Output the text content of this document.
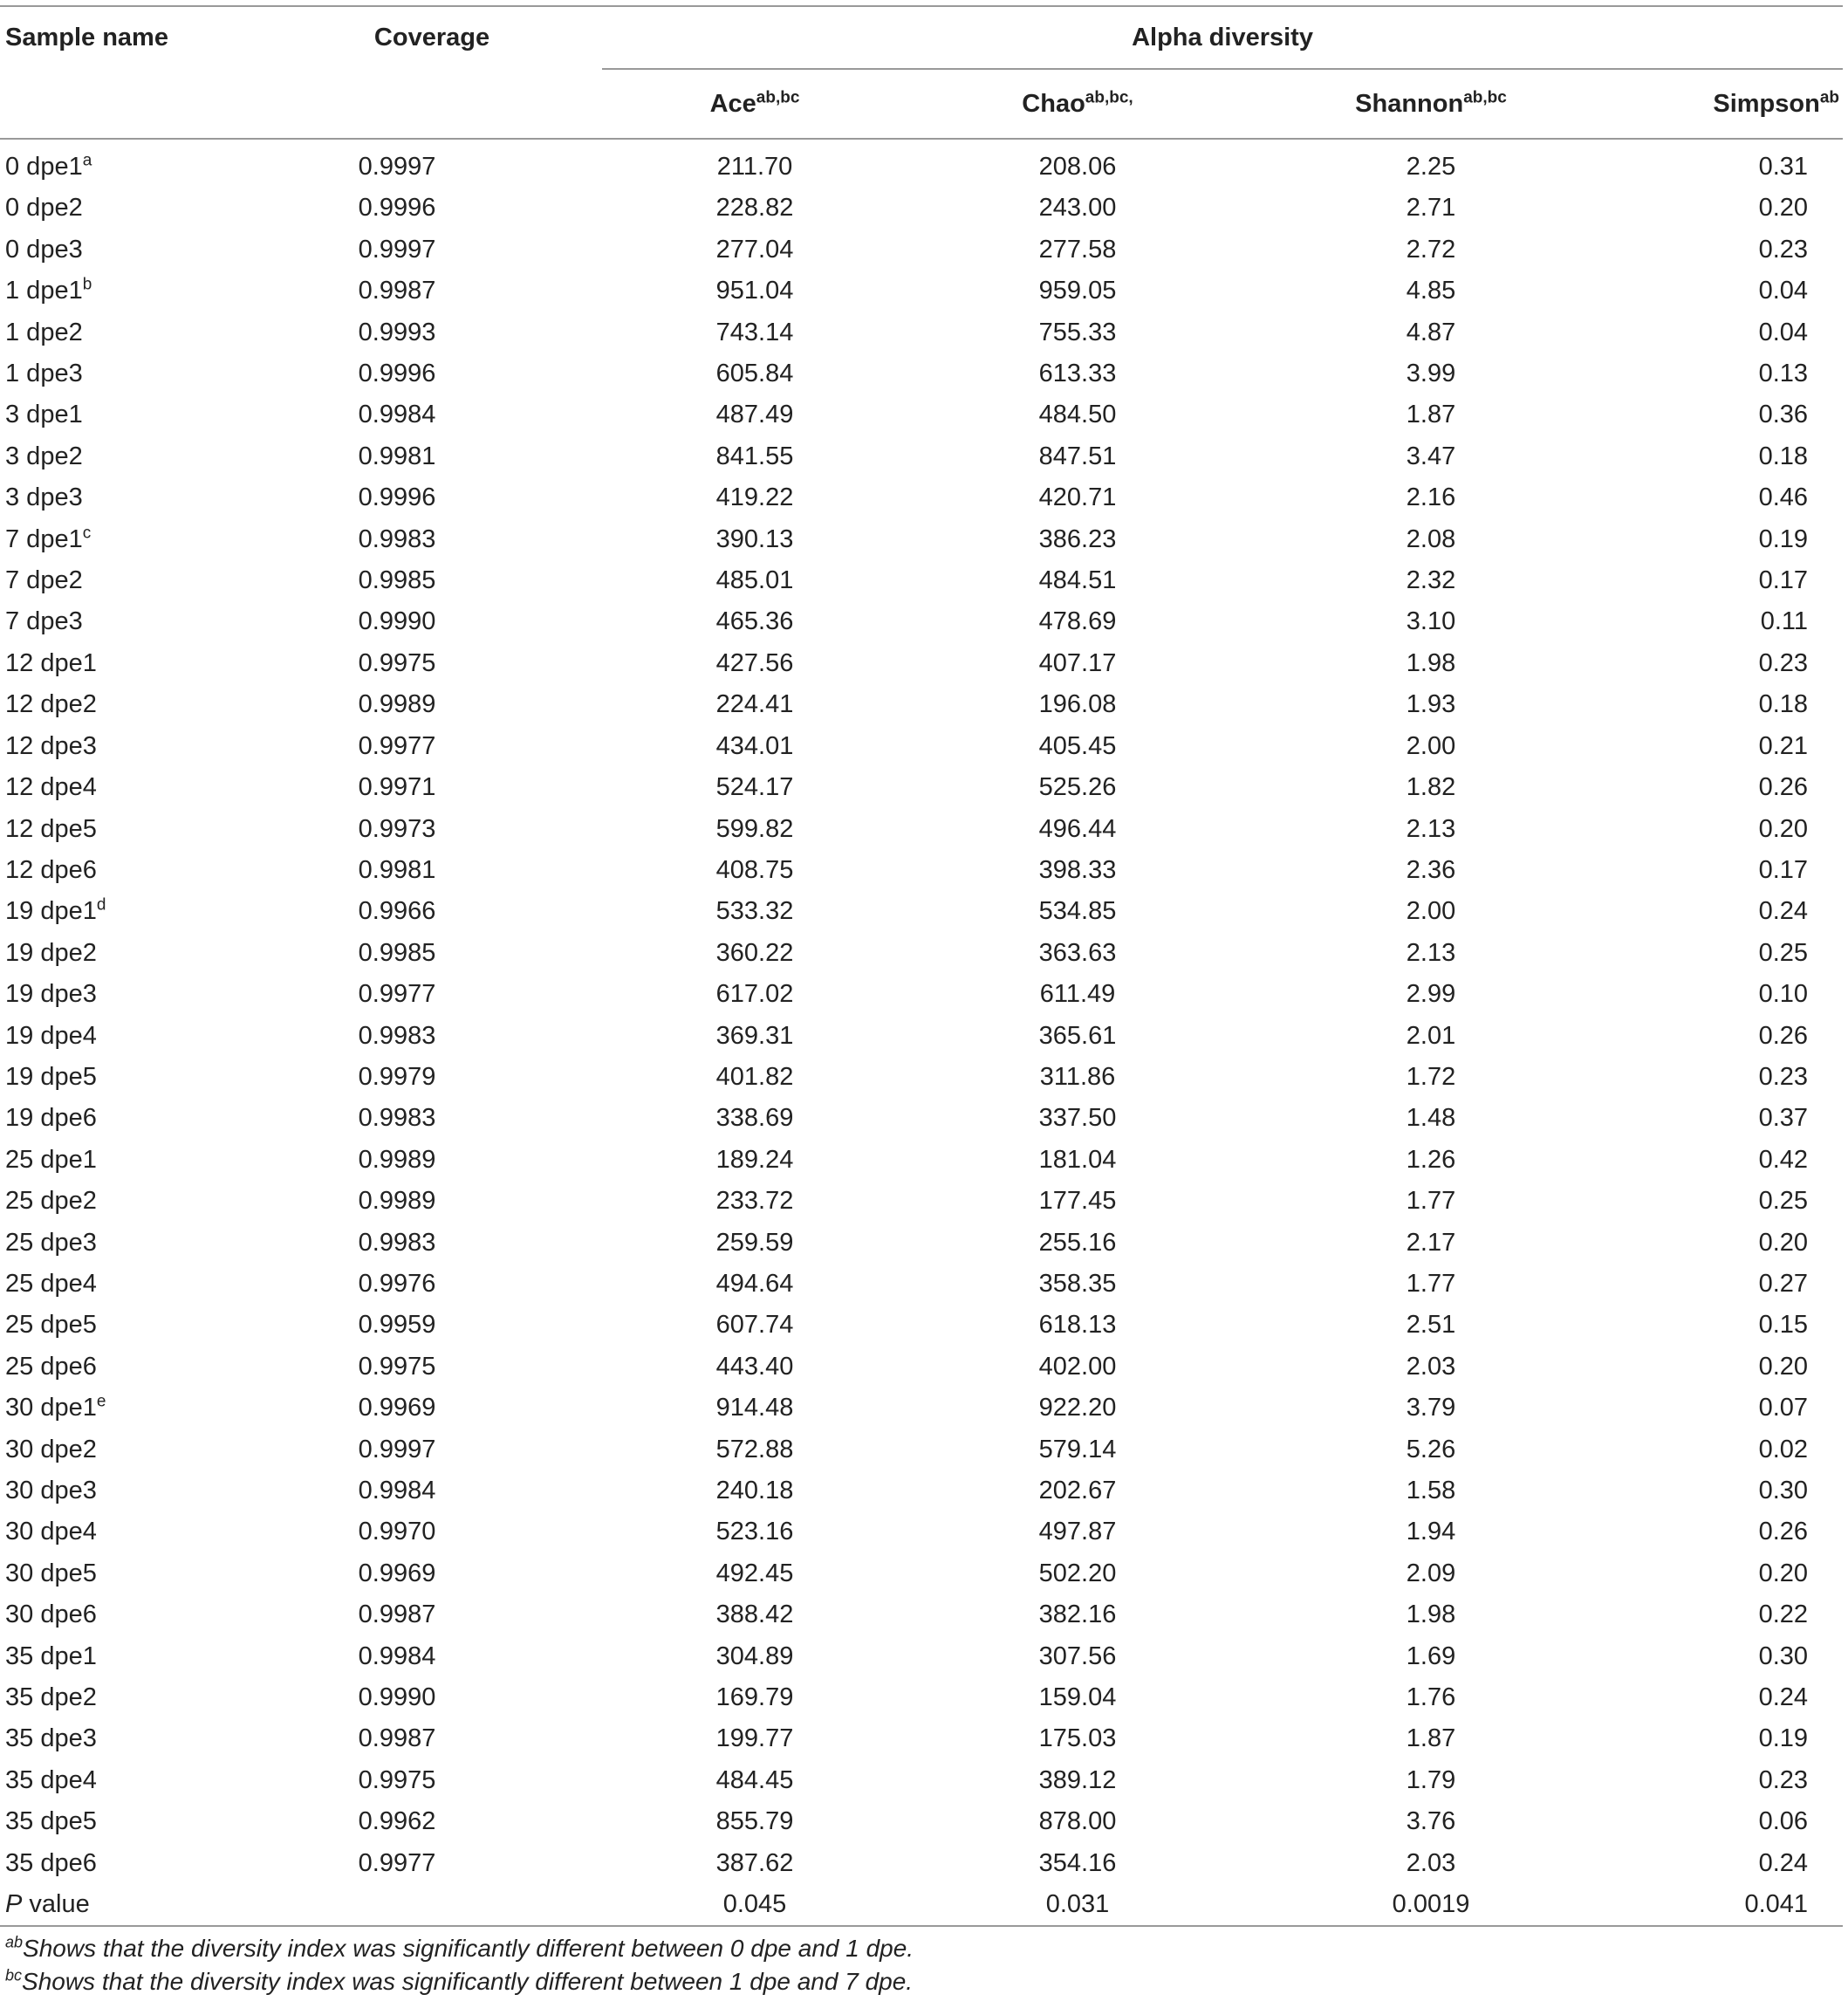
Sample name	Coverage	Alpha diversity			
		Ace$^{ab,bc}$	Chao$^{ab,bc,}$	Shannon$^{ab,bc}$	Simpson$^{ab}$
0 dpe1$^a$	0.9997	211.70	208.06	2.25	0.31
0 dpe2	0.9996	228.82	243.00	2.71	0.20
0 dpe3	0.9997	277.04	277.58	2.72	0.23
1 dpe1$^b$	0.9987	951.04	959.05	4.85	0.04
1 dpe2	0.9993	743.14	755.33	4.87	0.04
1 dpe3	0.9996	605.84	613.33	3.99	0.13
3 dpe1	0.9984	487.49	484.50	1.87	0.36
3 dpe2	0.9981	841.55	847.51	3.47	0.18
3 dpe3	0.9996	419.22	420.71	2.16	0.46
7 dpe1$^c$	0.9983	390.13	386.23	2.08	0.19
7 dpe2	0.9985	485.01	484.51	2.32	0.17
7 dpe3	0.9990	465.36	478.69	3.10	0.11
12 dpe1	0.9975	427.56	407.17	1.98	0.23
12 dpe2	0.9989	224.41	196.08	1.93	0.18
12 dpe3	0.9977	434.01	405.45	2.00	0.21
12 dpe4	0.9971	524.17	525.26	1.82	0.26
12 dpe5	0.9973	599.82	496.44	2.13	0.20
12 dpe6	0.9981	408.75	398.33	2.36	0.17
19 dpe1$^d$	0.9966	533.32	534.85	2.00	0.24
19 dpe2	0.9985	360.22	363.63	2.13	0.25
19 dpe3	0.9977	617.02	611.49	2.99	0.10
19 dpe4	0.9983	369.31	365.61	2.01	0.26
19 dpe5	0.9979	401.82	311.86	1.72	0.23
19 dpe6	0.9983	338.69	337.50	1.48	0.37
25 dpe1	0.9989	189.24	181.04	1.26	0.42
25 dpe2	0.9989	233.72	177.45	1.77	0.25
25 dpe3	0.9983	259.59	255.16	2.17	0.20
25 dpe4	0.9976	494.64	358.35	1.77	0.27
25 dpe5	0.9959	607.74	618.13	2.51	0.15
25 dpe6	0.9975	443.40	402.00	2.03	0.20
30 dpe1e	0.9969	914.48	922.20	3.79	0.07
30 dpe2	0.9997	572.88	579.14	5.26	0.02
30 dpe3	0.9984	240.18	202.67	1.58	0.30
30 dpe4	0.9970	523.16	497.87	1.94	0.26
30 dpe5	0.9969	492.45	502.20	2.09	0.20
30 dpe6	0.9987	388.42	382.16	1.98	0.22
35 dpe1	0.9984	304.89	307.56	1.69	0.30
35 dpe2	0.9990	169.79	159.04	1.76	0.24
35 dpe3	0.9987	199.77	175.03	1.87	0.19
35 dpe4	0.9975	484.45	389.12	1.79	0.23
35 dpe5	0.9962	855.79	878.00	3.76	0.06
35 dpe6	0.9977	387.62	354.16	2.03	0.24
P value		0.045	0.031	0.0019	0.041
$^{ab}$Shows that the diversity index was significantly different between 0 dpe and 1 dpe.
$^{bc}$Shows that the diversity index was significantly different between 1 dpe and 7 dpe.
